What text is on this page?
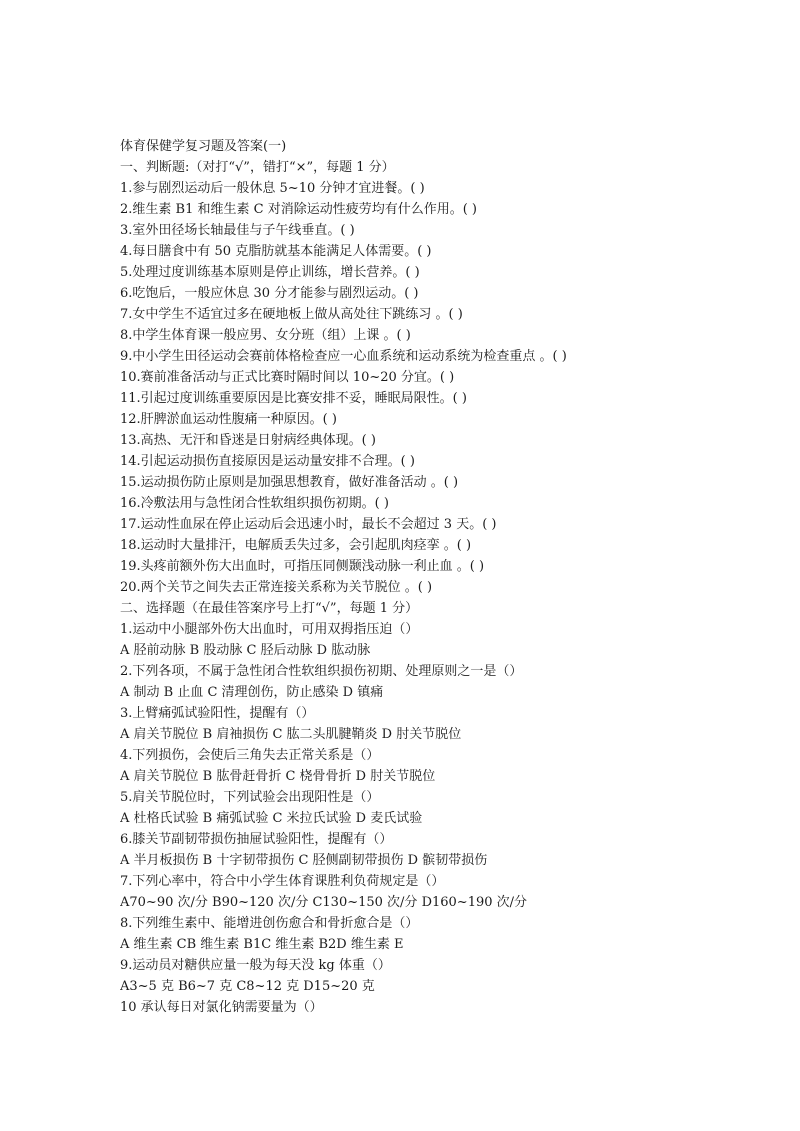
体育保健学复习题及答案(一)
一、判断题:（对打“√”，错打“×”，每题 1 分）
1.参与剧烈运动后一般休息 5~10 分钟才宜进餐。( )
2.维生素 B1 和维生素 C 对消除运动性疲劳均有什么作用。( )
3.室外田径场长轴最佳与子午线垂直。( )
4.每日膳食中有 50 克脂肪就基本能满足人体需要。( )
5.处理过度训练基本原则是停止训练，增长营养。( )
6.吃饱后，一般应休息 30 分才能参与剧烈运动。( )
7.女中学生不适宜过多在硬地板上做从高处往下跳练习 。( )
8.中学生体育课一般应男、女分班（组）上课 。( )
9.中小学生田径运动会赛前体格检查应一心血系统和运动系统为检查重点 。( )
10.赛前准备活动与正式比赛时隔时间以 10~20 分宜。( )
11.引起过度训练重要原因是比赛安排不妥，睡眠局限性。( )
12.肝脾淤血运动性腹痛一种原因。( )
13.高热、无汗和昏迷是日射病经典体现。( )
14.引起运动损伤直接原因是运动量安排不合理。( )
15.运动损伤防止原则是加强思想教育，做好准备活动 。( )
16.冷敷法用与急性闭合性软组织损伤初期。( )
17.运动性血尿在停止运动后会迅速小时，最长不会超过 3 天。( )
18.运动时大量排汗，电解质丢失过多，会引起肌肉痉挛 。( )
19.头疼前额外伤大出血时，可指压同侧颞浅动脉一利止血 。( )
20.两个关节之间失去正常连接关系称为关节脱位 。( )
二、选择题（在最佳答案序号上打“√”，每题 1 分）
1.运动中小腿部外伤大出血时，可用双拇指压迫（）
A 胫前动脉 B 股动脉 C 胫后动脉 D 肱动脉
2.下列各项，不属于急性闭合性软组织损伤初期、处理原则之一是（）
A 制动 B 止血 C 清理创伤，防止感染 D 镇痛
3.上臂痛弧试验阳性，提醒有（）
A 肩关节脱位 B 肩袖损伤 C 肱二头肌腱鞘炎 D 肘关节脱位
4.下列损伤，会使后三角失去正常关系是（）
A 肩关节脱位 B 肱骨赶骨折 C 桡骨骨折 D 肘关节脱位
5.肩关节脱位时，下列试验会出现阳性是（）
A 杜格氏试验 B 痛弧试验 C 米拉氏试验 D 麦氏试验
6.膝关节副韧带损伤抽屉试验阳性，提醒有（）
A 半月板损伤 B 十字韧带损伤 C 胫侧副韧带损伤 D 髌韧带损伤
7.下列心率中，符合中小学生体育课胜利负荷规定是（）
A70~90 次/分 B90~120 次/分 C130~150 次/分 D160~190 次/分
8.下列维生素中、能增进创伤愈合和骨折愈合是（）
A 维生素 CB 维生素 B1C 维生素 B2D 维生素 E
9.运动员对糖供应量一般为每天没 kg 体重（）
A3~5 克 B6~7 克 C8~12 克 D15~20 克
10 承认每日对氯化钠需要量为（）
